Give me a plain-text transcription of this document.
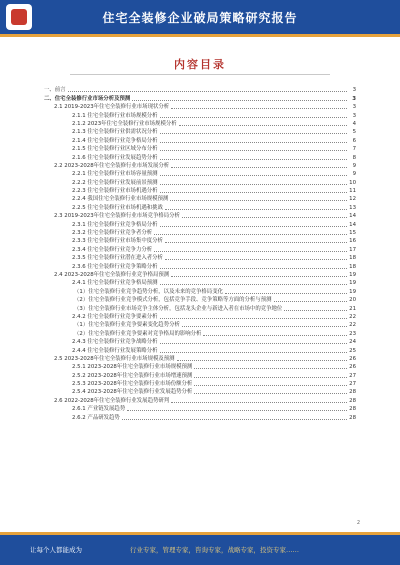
住宅全装修企业破局策略研究报告
内容目录
一、前言	3
二、住宅全装修行业市场分析及预测	3
2.1 2019-2023年住宅全装修行业市场现状分析	3
2.1.1 住宅全装修行业市场规模分析	3
2.1.2 2023年住宅全装修行业市场规模分析	4
2.1.3 住宅全装修行业供需状况分析	5
2.1.4 住宅全装修行业竞争格局分析	6
2.1.5 住宅全装修行业区域分布分析	7
2.1.6 住宅全装修行业发展趋势分析	8
2.2 2023-2028年住宅全装修行业市场发展分析	9
2.2.1 住宅全装修行业市场容量预测	9
2.2.2 住宅全装修行业发展前景预测	10
2.2.3 住宅全装修行业市场机遇分析	11
2.2.4 我国住宅全装修行业市场规模预测	12
2.2.5 住宅全装修行业市场机遇和挑战	13
2.3 2019-2023年住宅全装修行业市场竞争格局分析	14
2.3.1 住宅全装修行业竞争格局分析	14
2.3.2 住宅全装修行业竞争者分析	15
2.3.3 住宅全装修行业市场集中度分析	16
2.3.4 住宅全装修行业竞争力分析	17
2.3.5 住宅全装修行业潜在进入者分析	18
2.3.6 住宅全装修行业竞争策略分析	18
2.4 2023-2028年住宅全装修行业竞争格局预测	19
2.4.1 住宅全装修行业竞争格局预测	19
（1）住宅全装修行业竞争趋势分析，以及未来的竞争格局变化	19
（2）住宅全装修行业竞争模式分析，包括竞争手段、竞争策略等方面的分析与预测	20
（3）住宅全装修行业市场竞争主体分析，包括龙头企业与新进入者在市场中的竞争地位	21
2.4.2 住宅全装修行业竞争要素分析	22
（1）住宅全装修行业竞争要素变化趋势分析	22
（2）住宅全装修行业竞争要素对竞争格局的影响分析	23
2.4.3 住宅全装修行业竞争战略分析	24
2.4.4 住宅全装修行业发展策略分析	25
2.5 2023-2028年住宅全装修行业市场规模及预测	26
2.5.1 2023-2028年住宅全装修行业市场规模预测	26
2.5.2 2023-2028年住宅全装修行业市场增速预测	27
2.5.3 2023-2028年住宅全装修行业市场份额分析	27
2.5.4 2023-2028年住宅全装修行业发展趋势分析	28
2.6 2022-2028年住宅全装修行业发展趋势研判	28
2.6.1 产业链发展趋势	28
2.6.2 产品研发趋势	28
2
让每个人都能成为	行业专家，管理专家，咨询专家，战略专家，投资专家……
